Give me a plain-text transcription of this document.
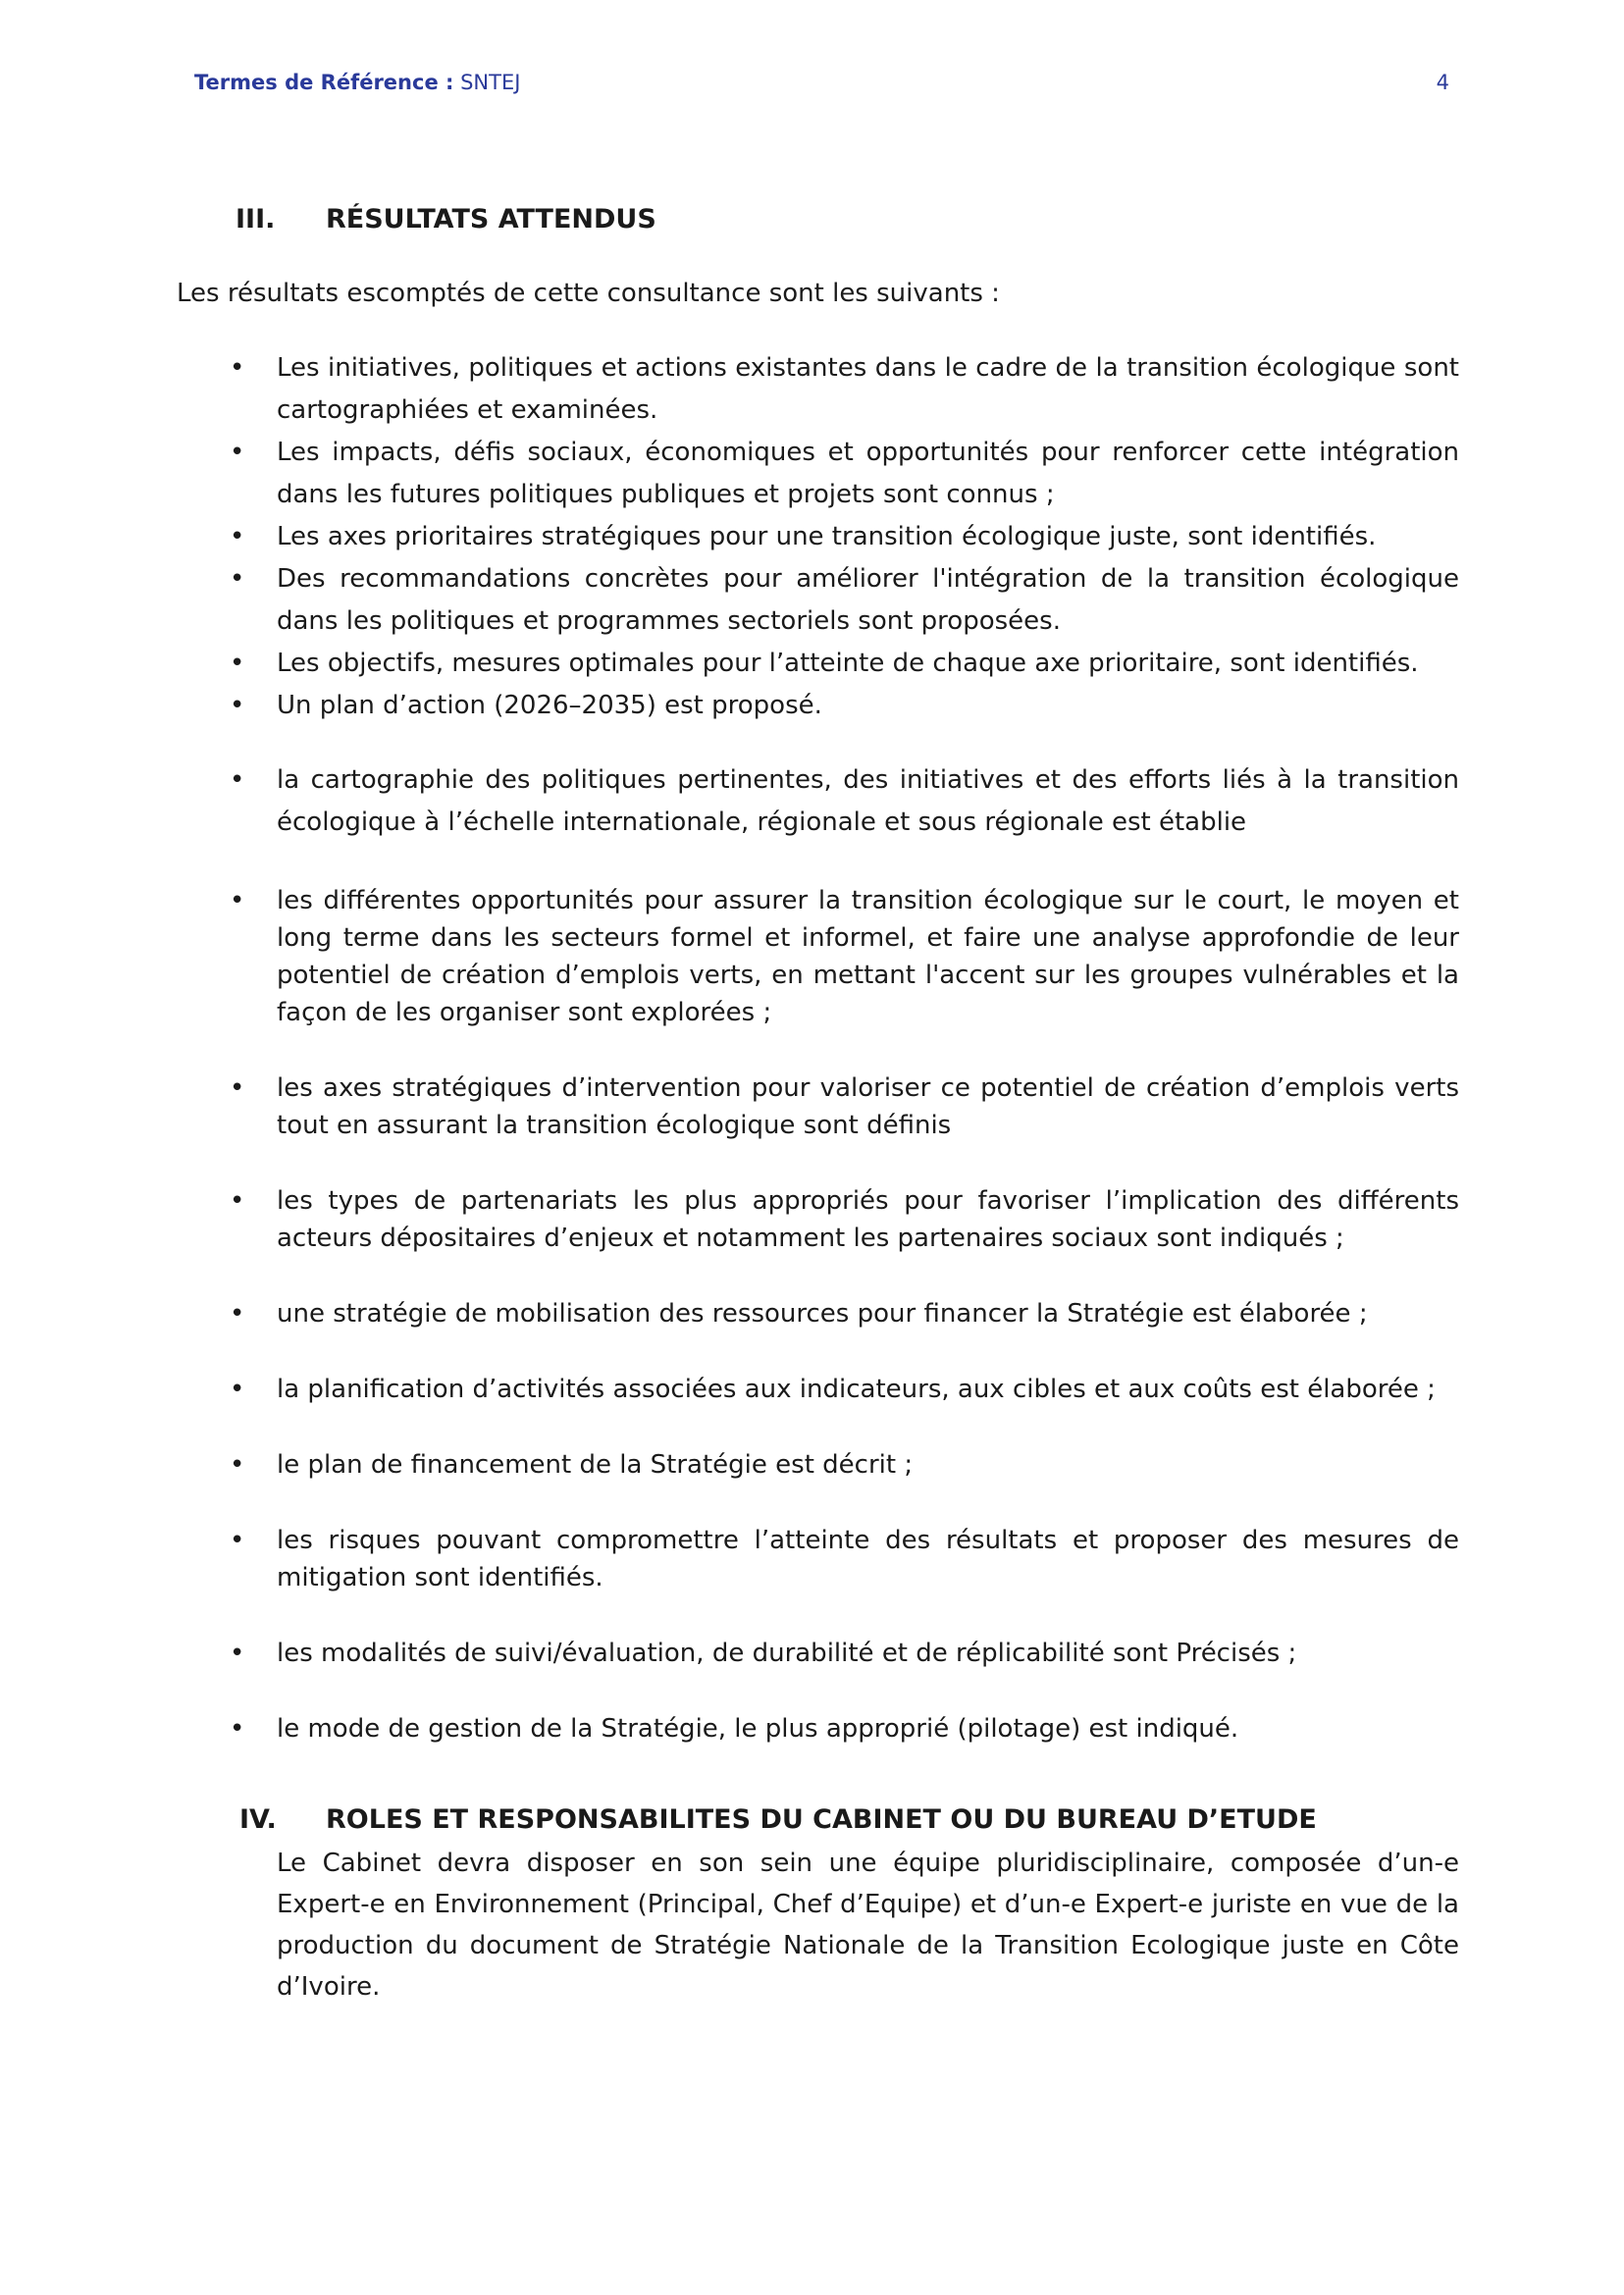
Termes de Référence : SNTEJ	4
III. RÉSULTATS ATTENDUS
Les résultats escomptés de cette consultance sont les suivants :
• Les initiatives, politiques et actions existantes dans le cadre de la transition écologique sont cartographiées et examinées.
• Les impacts, défis sociaux, économiques et opportunités pour renforcer cette intégration dans les futures politiques publiques et projets sont connus ;
• Les axes prioritaires stratégiques pour une transition écologique juste, sont identifiés.
• Des recommandations concrètes pour améliorer l'intégration de la transition écologique dans les politiques et programmes sectoriels sont proposées.
• Les objectifs, mesures optimales pour l’atteinte de chaque axe prioritaire, sont identifiés.
• Un plan d’action (2026–2035) est proposé.
• la cartographie des politiques pertinentes, des initiatives et des efforts liés à la transition écologique à l’échelle internationale, régionale et sous régionale est établie
• les différentes opportunités pour assurer la transition écologique sur le court, le moyen et long terme dans les secteurs formel et informel, et faire une analyse approfondie de leur potentiel de création d’emplois verts, en mettant l'accent sur les groupes vulnérables et la façon de les organiser sont explorées ;
• les axes stratégiques d’intervention pour valoriser ce potentiel de création d’emplois verts tout en assurant la transition écologique sont définis
• les types de partenariats les plus appropriés pour favoriser l’implication des différents acteurs dépositaires d’enjeux et notamment les partenaires sociaux sont indiqués ;
• une stratégie de mobilisation des ressources pour financer la Stratégie est élaborée ;
• la planification d’activités associées aux indicateurs, aux cibles et aux coûts est élaborée ;
• le plan de financement de la Stratégie est décrit ;
• les risques pouvant compromettre l’atteinte des résultats et proposer des mesures de mitigation sont identifiés.
• les modalités de suivi/évaluation, de durabilité et de réplicabilité sont Précisés ;
• le mode de gestion de la Stratégie, le plus approprié (pilotage) est indiqué.
IV. ROLES ET RESPONSABILITES DU CABINET OU DU BUREAU D’ETUDE
Le Cabinet devra disposer en son sein une équipe pluridisciplinaire, composée d’un-e Expert-e en Environnement (Principal, Chef d’Equipe) et d’un-e Expert-e juriste en vue de la production du document de Stratégie Nationale de la Transition Ecologique juste en Côte d’Ivoire.
